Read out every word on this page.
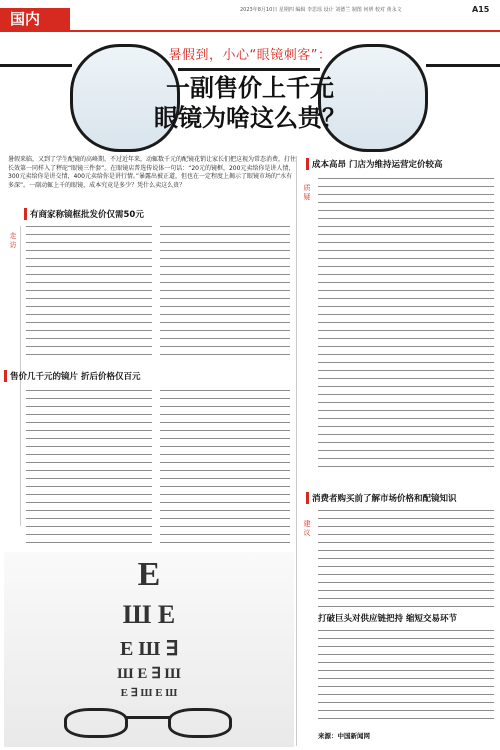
国内	2023年8月10日 星期四 编辑 李思瑶 设计 刘德兰 制图 何赟 校对 黄永文	A15
暑假到，小心“眼镜刺客”：
一副售价上千元
眼镜为啥这么贵？
暑假来临，又到了学生配镜的高峰期。不过近年来，动辄数千元的配镜花销让家长们把这视为常态消费，打住长效第一同样入了秤砣“眼镜三件套”。在眼镜店普选传说体一句话：“20元的镜框，200元卖给你是讲人情，300元卖给你是讲交情，400元卖给你是讲行情。”暴露出被正道，但也在一定程度上揭示了眼镜市场的“水有多深”。一副动辄上千的眼镜，成本究竟是多少？凭什么卖这么贵？
有商家称镜框批发价仅需50元
走访
售价几千元的镜片 折后价格仅百元
E
Ш Е
E Ш ∃
Ш E ∃ Ш
E ∃ Ш E Ш
成本高昂 门店为维持运营定价较高
质疑
消费者购买前了解市场价格和配镜知识
建议
打破巨头对供应链把持 缩短交易环节
来源：中国新闻网
